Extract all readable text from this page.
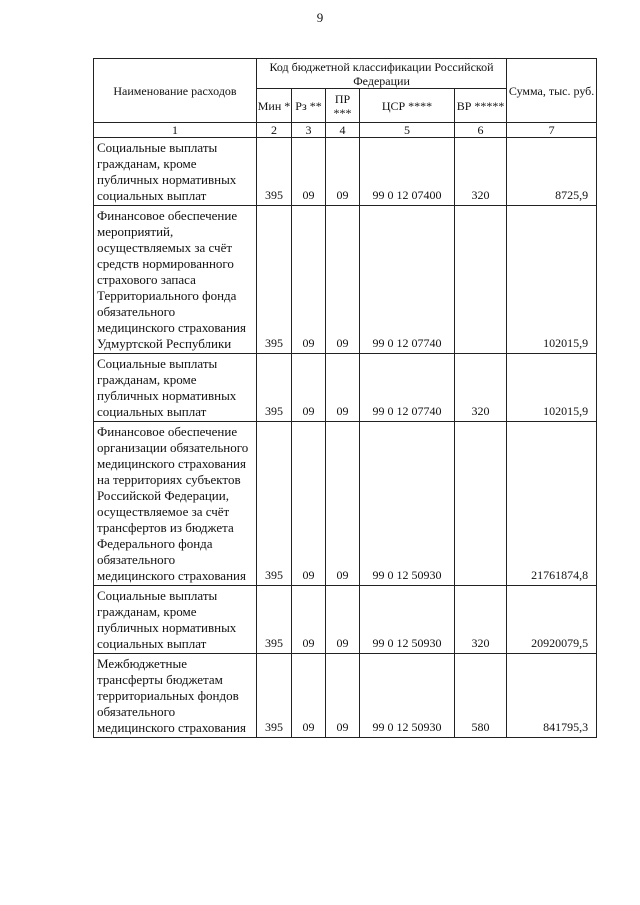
9
Наименование расходов	Код бюджетной классификации Российской Федерации					Сумма, тыс. руб.
	Мин *	Рз **	ПР ***	ЦСР ****	ВР *****	
1	2	3	4	5	6	7
Социальные выплаты гражданам, кроме публичных нормативных социальных выплат	395	09	09	99 0 12 07400	320	8725,9
Финансовое обеспечение мероприятий, осуществляемых за счёт средств нормированного страхового запаса Территориального фонда обязательного медицинского страхования Удмуртской Республики	395	09	09	99 0 12 07740		102015,9
Социальные выплаты гражданам, кроме публичных нормативных социальных выплат	395	09	09	99 0 12 07740	320	102015,9
Финансовое обеспечение организации обязательного медицинского страхования на территориях субъектов Российской Федерации, осуществляемое за счёт трансфертов из бюджета Федерального фонда обязательного медицинского страхования	395	09	09	99 0 12 50930		21761874,8
Социальные выплаты гражданам, кроме публичных нормативных социальных выплат	395	09	09	99 0 12 50930	320	20920079,5
Межбюджетные трансферты бюджетам территориальных фондов обязательного медицинского страхования	395	09	09	99 0 12 50930	580	841795,3
